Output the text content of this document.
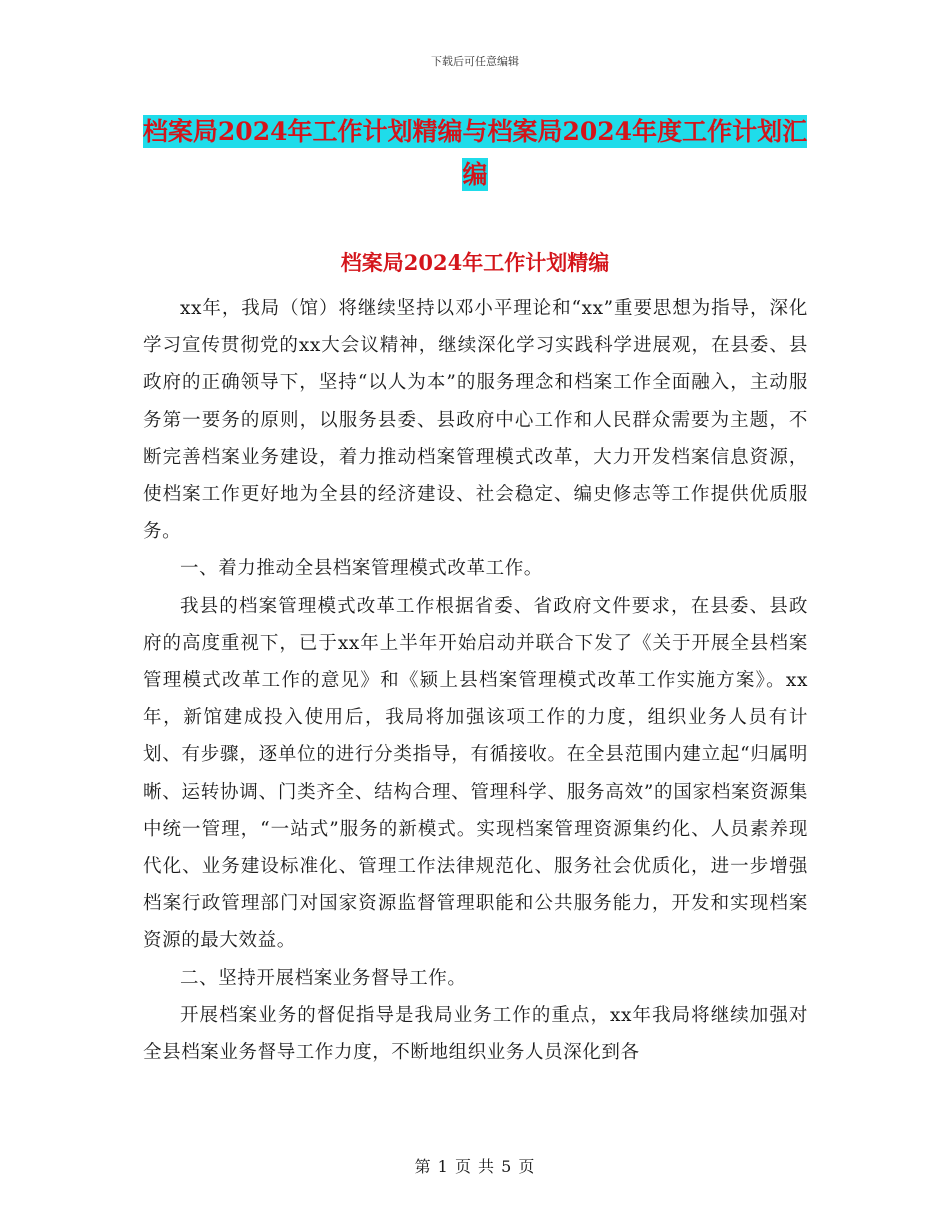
下载后可任意编辑
档案局2024年工作计划精编与档案局2024年度工作计划汇编
档案局2024年工作计划精编

xx年，我局（馆）将继续坚持以邓小平理论和“xx”重要思想为指导，深化学习宣传贯彻党的xx大会议精神，继续深化学习实践科学进展观，在县委、县政府的正确领导下，坚持“以人为本”的服务理念和档案工作全面融入，主动服务第一要务的原则，以服务县委、县政府中心工作和人民群众需要为主题，不断完善档案业务建设，着力推动档案管理模式改革，大力开发档案信息资源，使档案工作更好地为全县的经济建设、社会稳定、编史修志等工作提供优质服务。

一、着力推动全县档案管理模式改革工作。

我县的档案管理模式改革工作根据省委、省政府文件要求，在县委、县政府的高度重视下，已于xx年上半年开始启动并联合下发了《关于开展全县档案管理模式改革工作的意见》和《颍上县档案管理模式改革工作实施方案》。xx年，新馆建成投入使用后，我局将加强该项工作的力度，组织业务人员有计划、有步骤，逐单位的进行分类指导，有循接收。在全县范围内建立起“归属明晰、运转协调、门类齐全、结构合理、管理科学、服务高效”的国家档案资源集中统一管理，“一站式”服务的新模式。实现档案管理资源集约化、人员素养现代化、业务建设标准化、管理工作法律规范化、服务社会优质化，进一步增强档案行政管理部门对国家资源监督管理职能和公共服务能力，开发和实现档案资源的最大效益。

二、坚持开展档案业务督导工作。

开展档案业务的督促指导是我局业务工作的重点，xx年我局将继续加强对全县档案业务督导工作力度，不断地组织业务人员深化到各

第 1 页 共 5 页
